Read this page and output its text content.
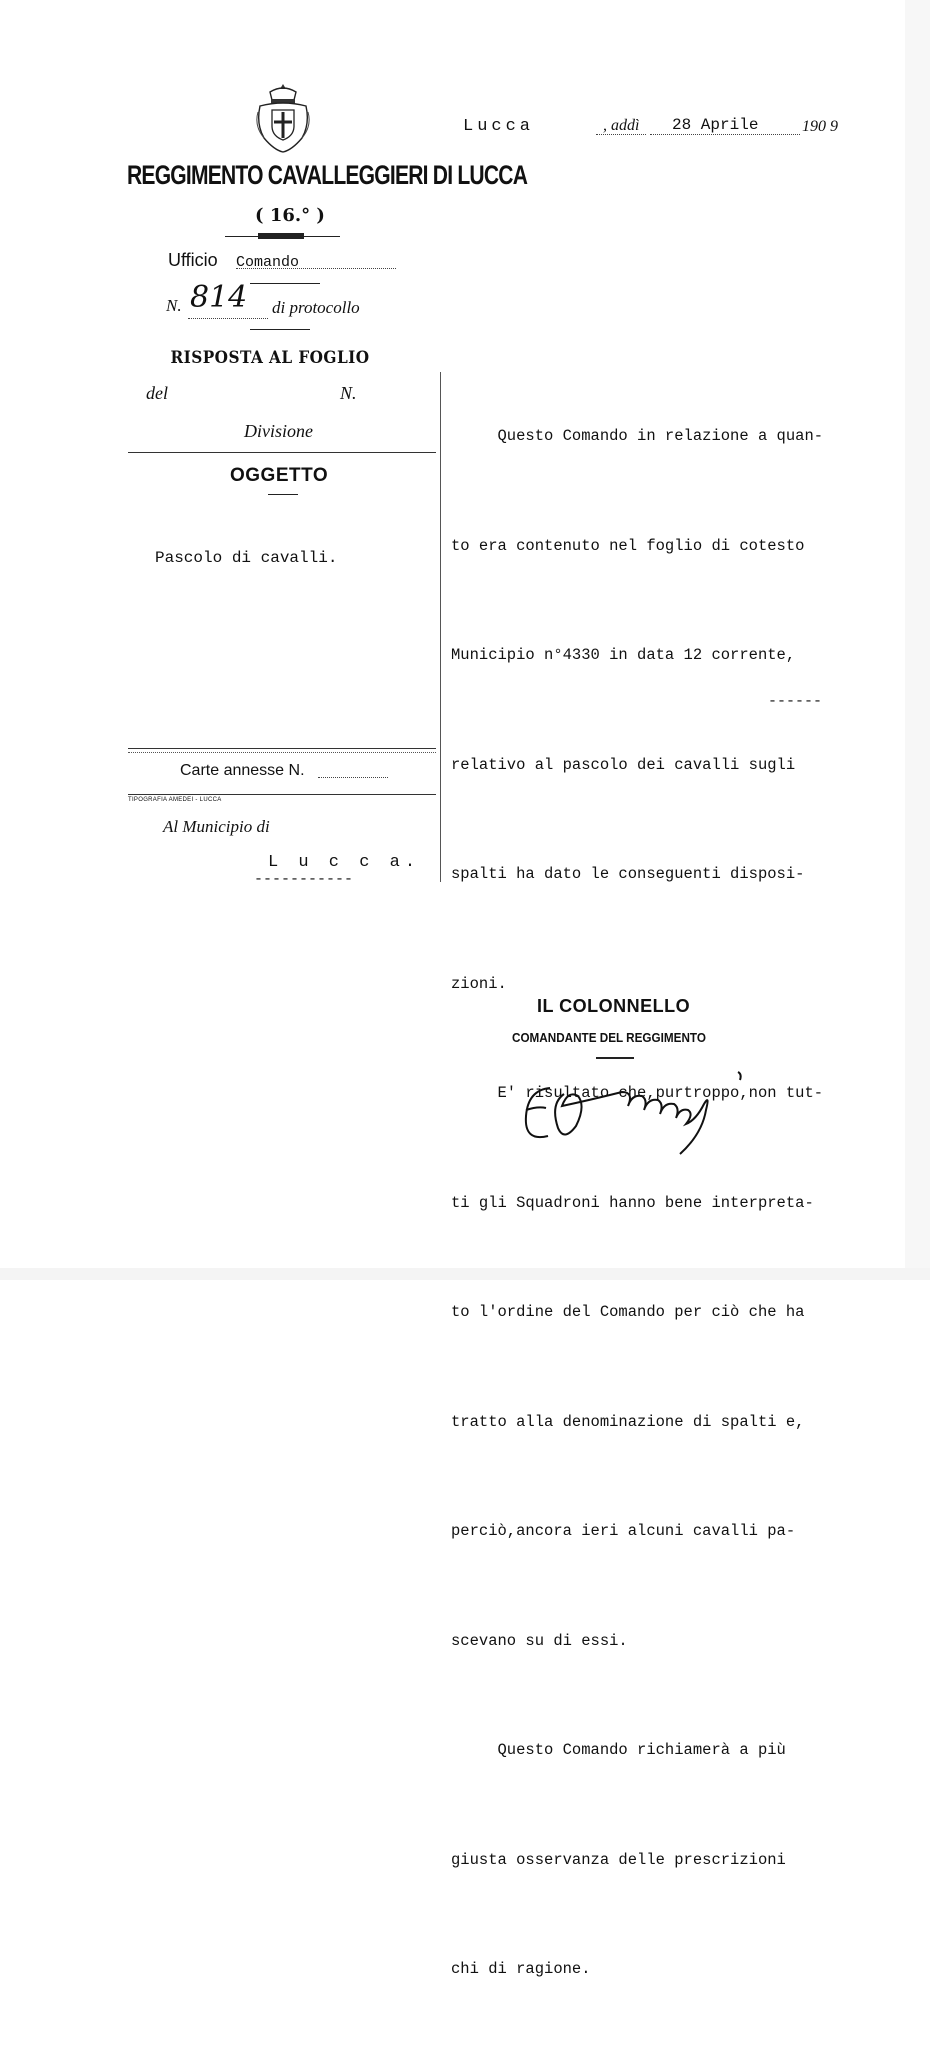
REGGIMENTO CAVALLEGGIERI DI LUCCA
( 16.° )
Ufficio Comando
N. 814 di protocollo
RISPOSTA AL FOGLIO
del	N.
Divisione
OGGETTO
Pascolo di cavalli.
Carte annesse N.
TIPOGRAFIA AMEDEI - LUCCA
Al Municipio di
L u c c a.
-----------
Lucca	, addì 28 Aprile	190 9

Questo Comando in relazione a quan-

to era contenuto nel foglio di cotesto

Municipio n°4330 in data 12 corrente,

relativo al pascolo dei cavalli sugli

spalti ha dato le conseguenti disposi-

zioni.

E' risultato che,purtroppo,non tut-

ti gli Squadroni hanno bene interpreta-

to l'ordine del Comando per ciò che ha

tratto alla denominazione di spalti e,

perciò,ancora ieri alcuni cavalli pa-

scevano su di essi.

Questo Comando richiamerà a più

giusta osservanza delle prescrizioni

chi di ragione.

------
IL COLONNELLO
COMANDANTE DEL REGGIMENTO
E Gamucci
